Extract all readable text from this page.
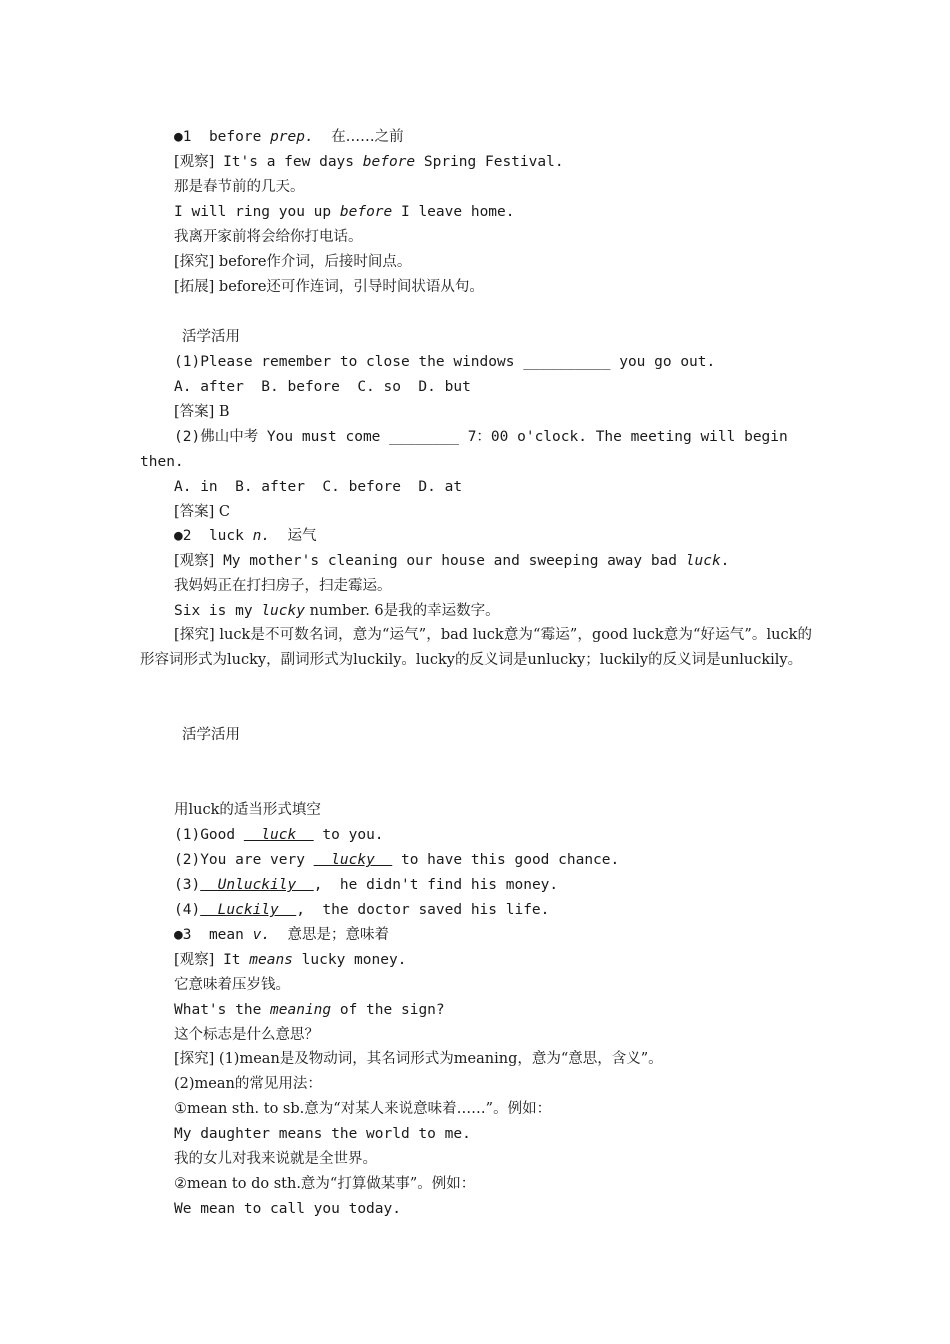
●1 before prep. 在……之前
[观察] It's a few days before Spring Festival.
那是春节前的几天。
I will ring you up before I leave home.
我离开家前将会给你打电话。
[探究] before作介词，后接时间点。
[拓展] before还可作连词，引导时间状语从句。
活学活用
(1)Please remember to close the windows __________ you go out.
A. after  B. before  C. so  D. but
[答案] B
(2)佛山中考 You must come ________ 7：00 o'clock. The meeting will begin
then.
A. in  B. after  C. before  D. at
[答案] C
●2 luck n. 运气
[观察] My mother's cleaning our house and sweeping away bad luck.
我妈妈正在打扫房子，扫走霉运。
Six is my lucky number. 6是我的幸运数字。
[探究] luck是不可数名词，意为“运气”，bad luck意为“霉运”，good luck意为“好运气”。luck的形容词形式为lucky，副词形式为luckily。lucky的反义词是unlucky；luckily的反义词是unluckily。
活学活用
用luck的适当形式填空
(1)Good   luck   to you.
(2)You are very   lucky   to have this good chance.
(3)  Unluckily  ,  he didn't find his money.
(4)  Luckily  ,  the doctor saved his life.
●3 mean v. 意思是；意味着
[观察] It means lucky money.
它意味着压岁钱。
What's the meaning of the sign?
这个标志是什么意思？
[探究] (1)mean是及物动词，其名词形式为meaning，意为“意思，含义”。
(2)mean的常见用法：
①mean sth. to sb.意为“对某人来说意味着……”。例如：
My daughter means the world to me.
我的女儿对我来说就是全世界。
②mean to do sth.意为“打算做某事”。例如：
We mean to call you today.
